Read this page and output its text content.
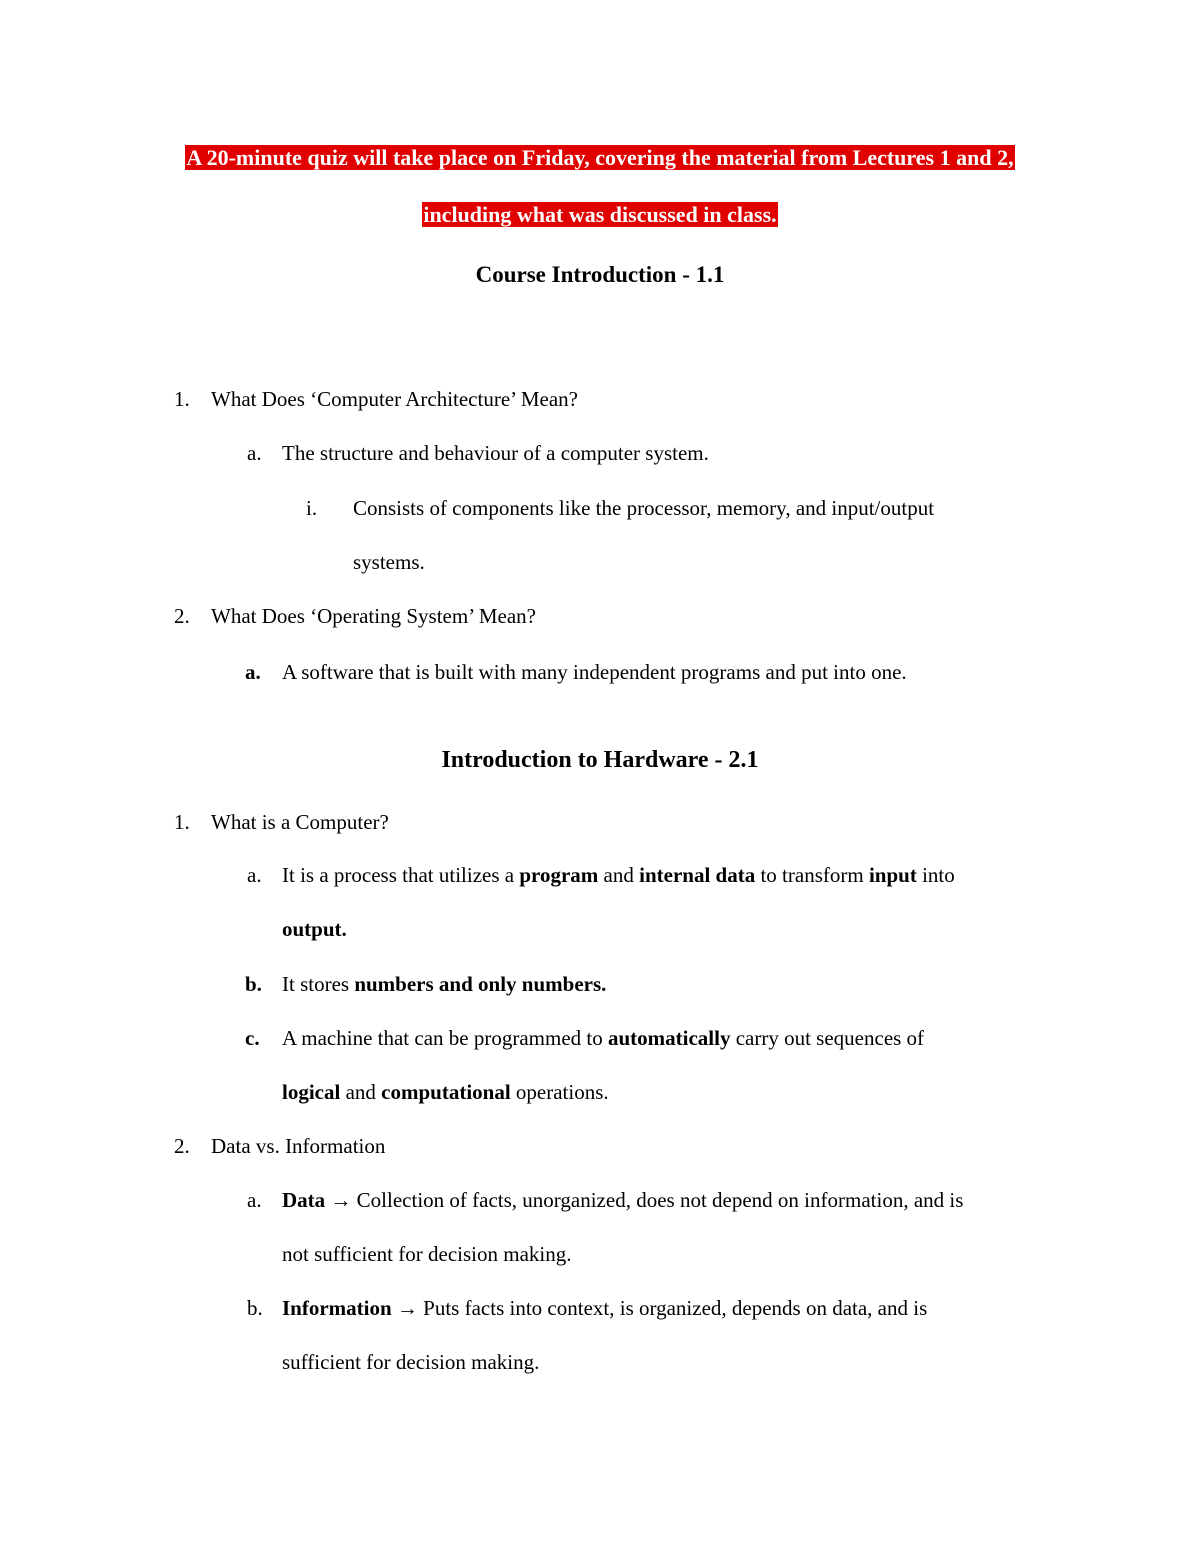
A 20-minute quiz will take place on Friday, covering the material from Lectures 1 and 2,
including what was discussed in class.
Course Introduction - 1.1
1. What Does ‘Computer Architecture’ Mean?
a. The structure and behaviour of a computer system.
i. Consists of components like the processor, memory, and input/output
systems.
2. What Does ‘Operating System’ Mean?
a. A software that is built with many independent programs and put into one.
Introduction to Hardware - 2.1
1. What is a Computer?
a. It is a process that utilizes a program and internal data to transform input into
output.
b. It stores numbers and only numbers.
c. A machine that can be programmed to automatically carry out sequences of
logical and computational operations.
2. Data vs. Information
a. Data → Collection of facts, unorganized, does not depend on information, and is
not sufficient for decision making.
b. Information → Puts facts into context, is organized, depends on data, and is
sufficient for decision making.
